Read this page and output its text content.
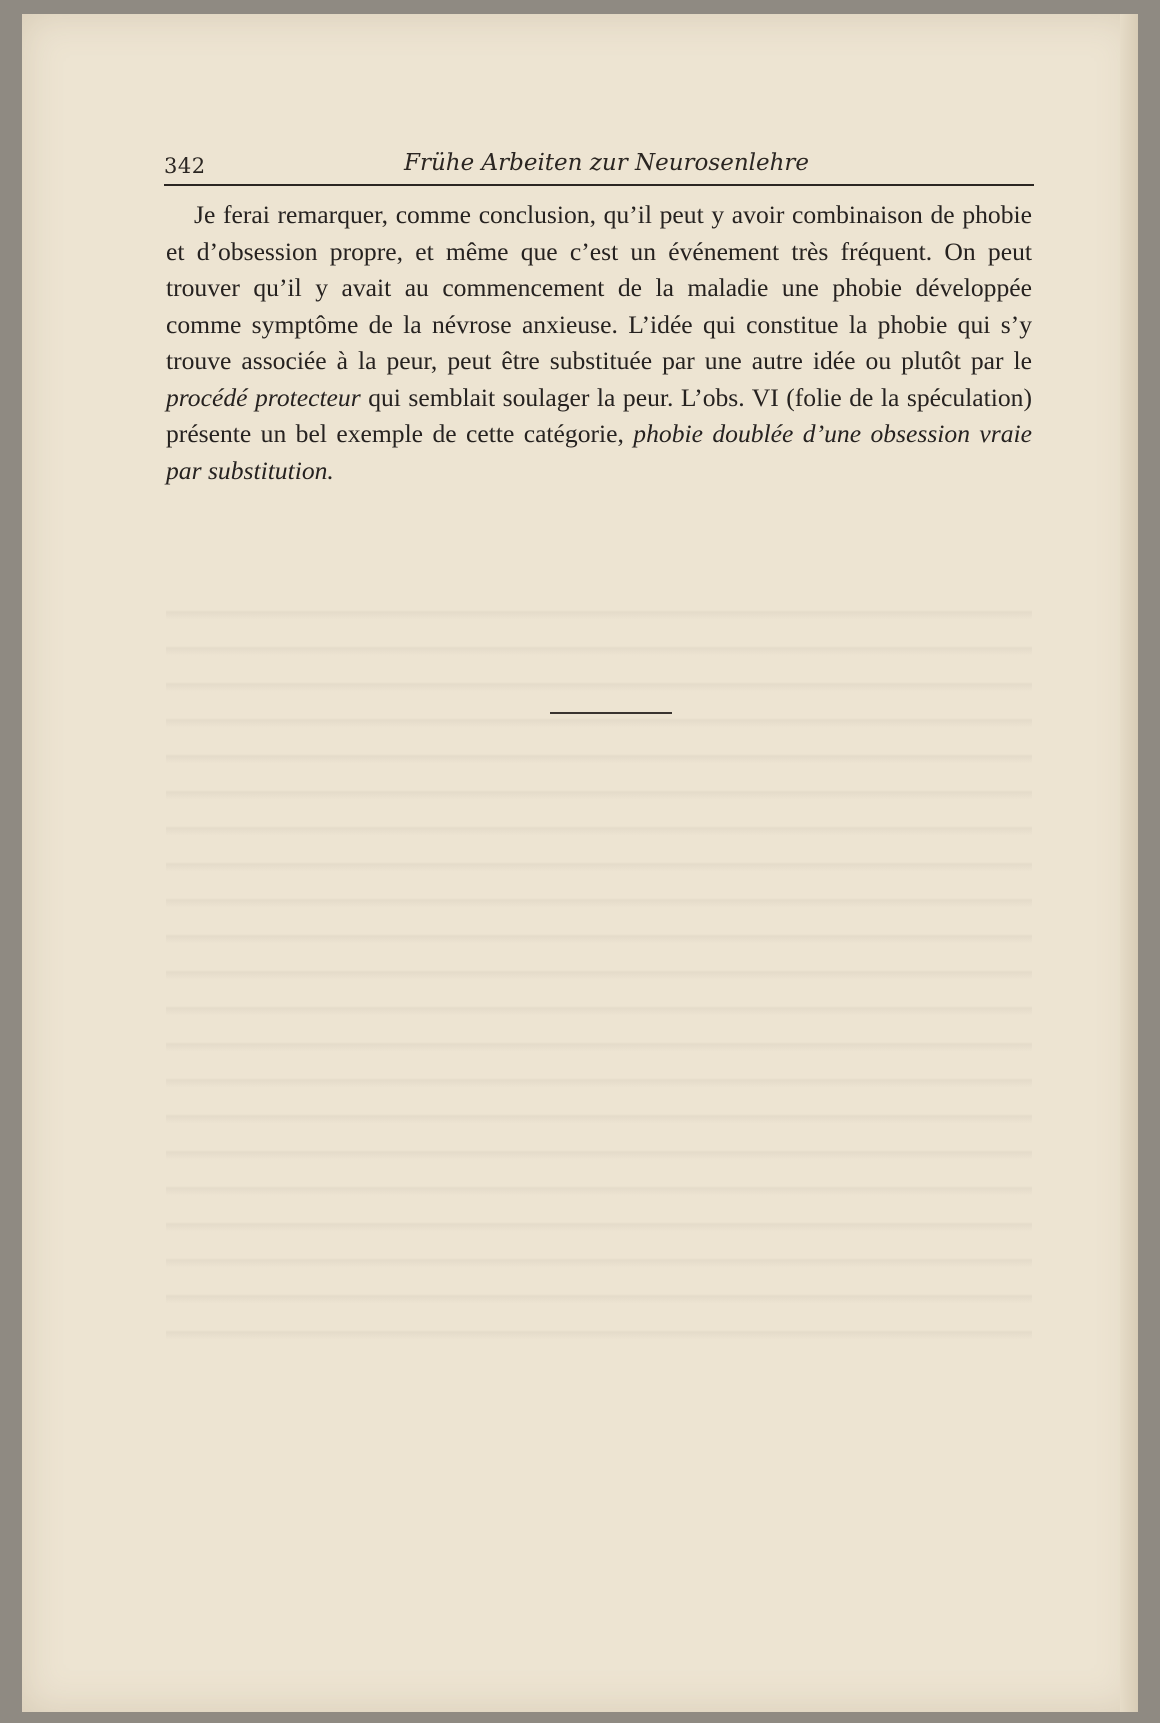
342	Frühe Arbeiten zur Neurosenlehre

Je ferai remarquer, comme conclusion, qu’il peut y avoir combinaison de phobie et d’obsession propre, et même que c’est un événement très fréquent. On peut trouver qu’il y avait au commencement de la maladie une phobie développée comme symptôme de la névrose anxieuse. L’idée qui constitue la phobie qui s’y trouve associée à la peur, peut être substituée par une autre idée ou plutôt par le procédé protecteur qui semblait soulager la peur. L’obs. VI (folie de la spéculation) présente un bel exemple de cette catégorie, phobie doublée d’une obsession vraie par substitution.
